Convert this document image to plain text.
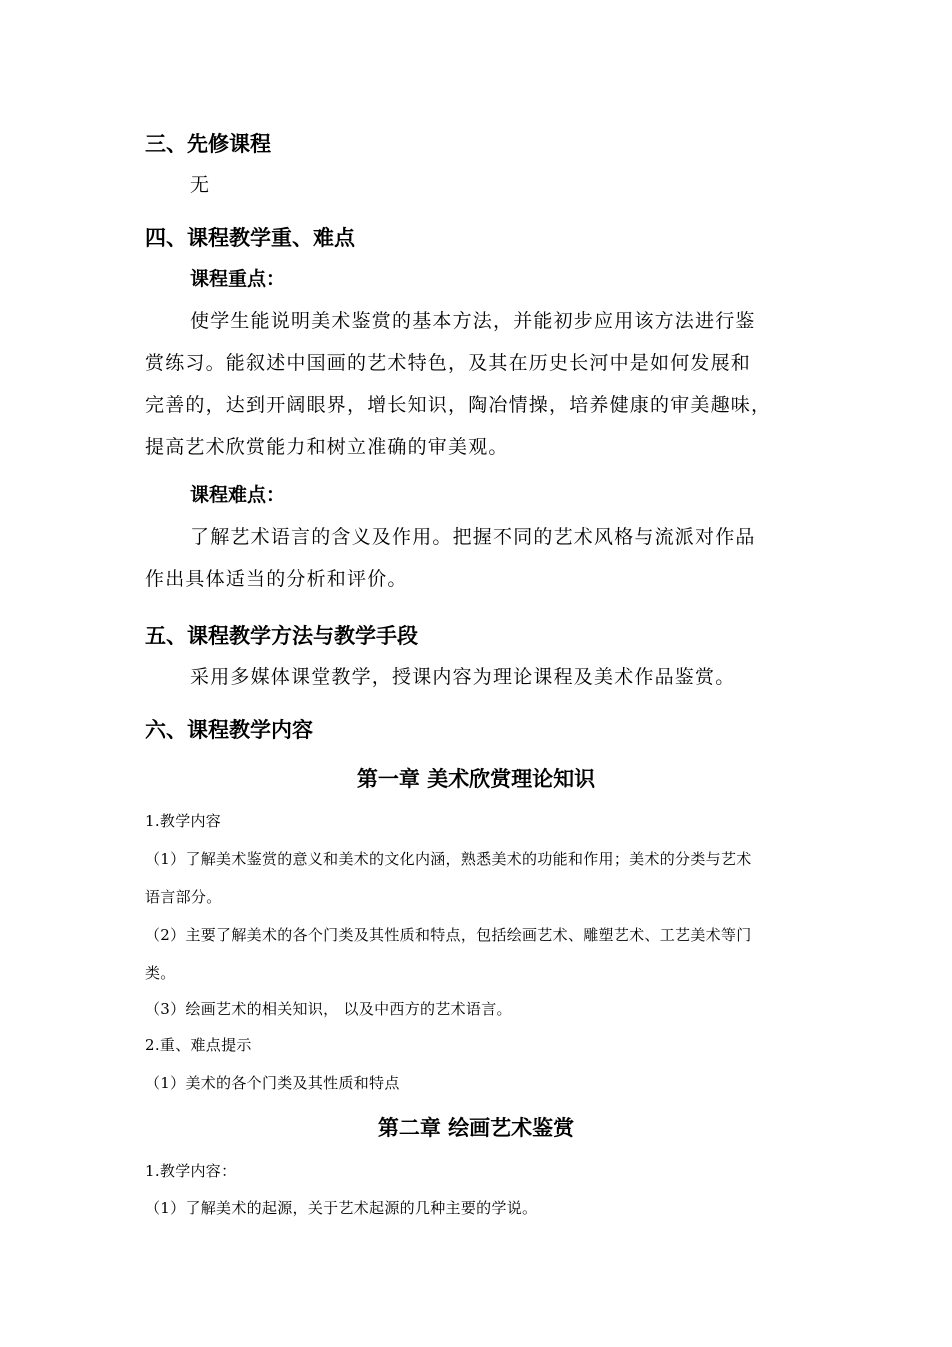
三、先修课程
无
四、课程教学重、难点
课程重点：
使学生能说明美术鉴赏的基本方法，并能初步应用该方法进行鉴
赏练习。能叙述中国画的艺术特色，及其在历史长河中是如何发展和
完善的，达到开阔眼界，增长知识，陶冶情操，培养健康的审美趣味，
提高艺术欣赏能力和树立准确的审美观。
课程难点：
了解艺术语言的含义及作用。把握不同的艺术风格与流派对作品
作出具体适当的分析和评价。
五、课程教学方法与教学手段
采用多媒体课堂教学，授课内容为理论课程及美术作品鉴赏。
六、课程教学内容
第一章 美术欣赏理论知识
1.教学内容
（1）了解美术鉴赏的意义和美术的文化内涵，熟悉美术的功能和作用；美术的分类与艺术
语言部分。
（2）主要了解美术的各个门类及其性质和特点，包括绘画艺术、雕塑艺术、工艺美术等门
类。
（3）绘画艺术的相关知识， 以及中西方的艺术语言。
2.重、难点提示
（1）美术的各个门类及其性质和特点
第二章 绘画艺术鉴赏
1.教学内容：
（1）了解美术的起源，关于艺术起源的几种主要的学说。
